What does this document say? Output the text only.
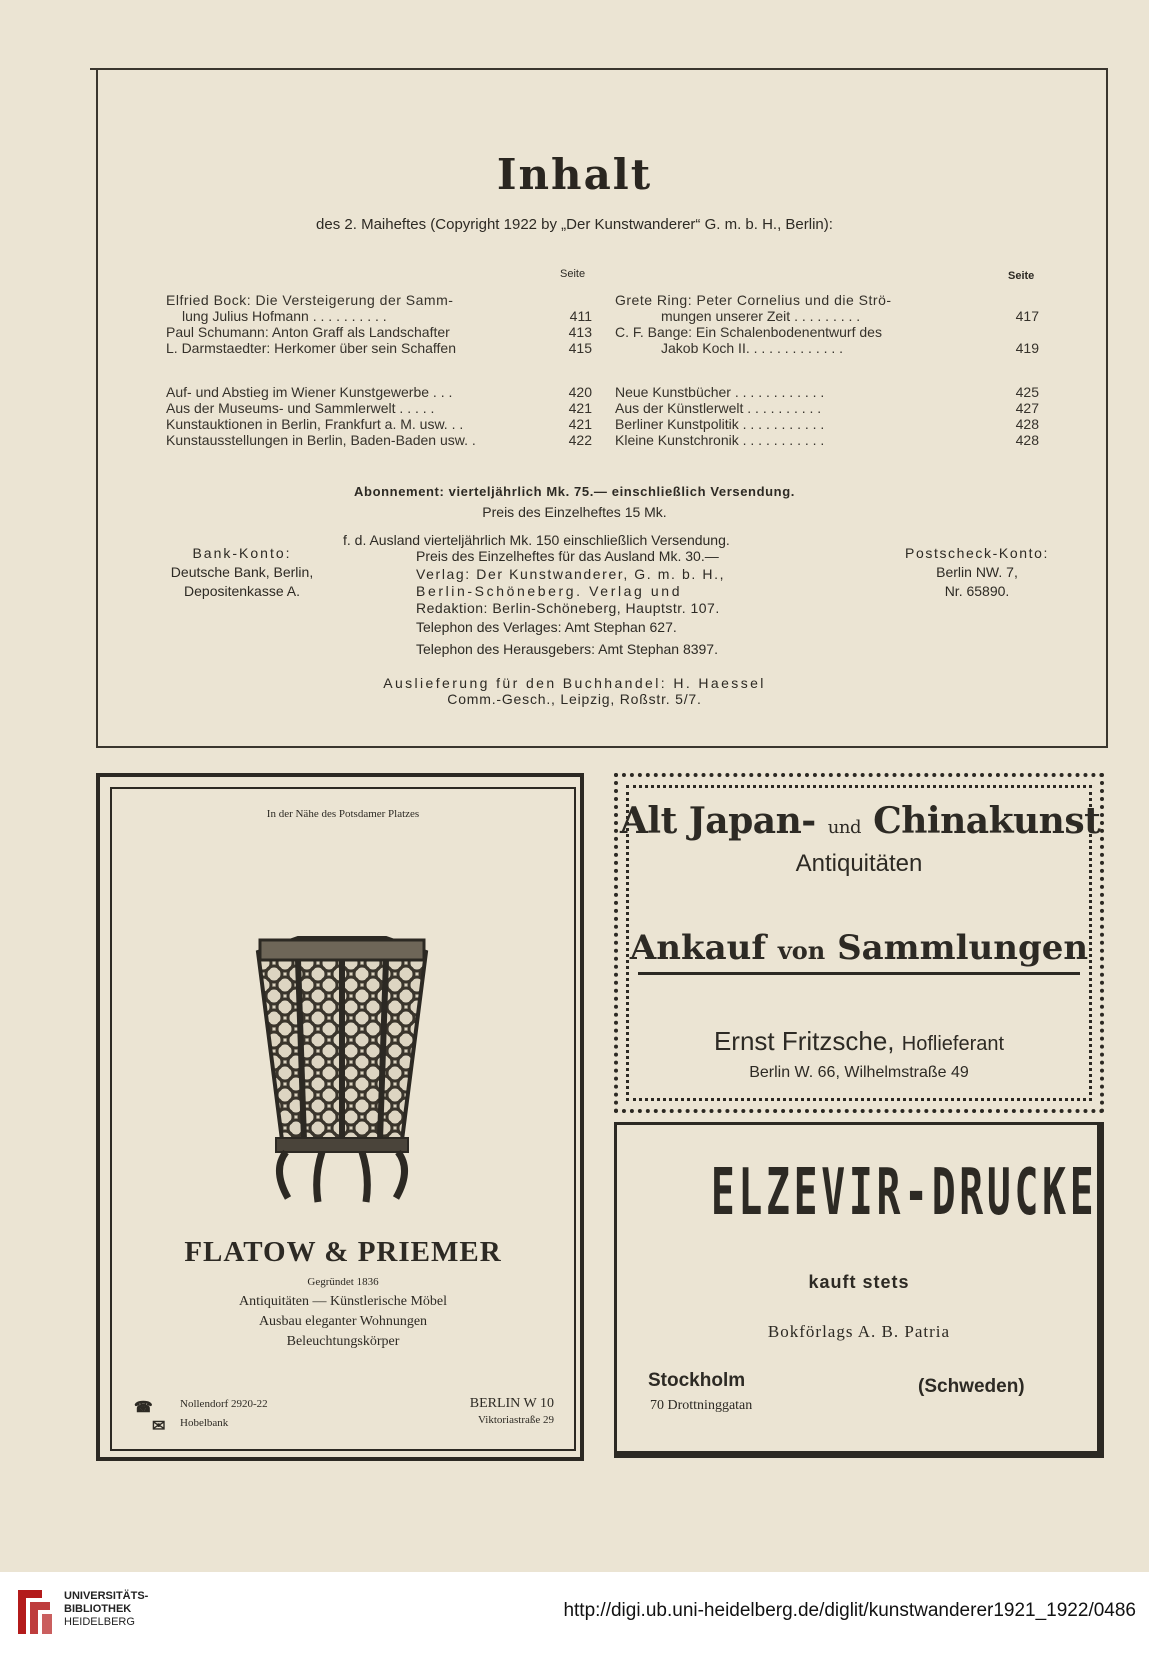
Inhalt
des 2. Maiheftes (Copyright 1922 by „Der Kunstwanderer“ G. m. b. H., Berlin):
Seite	Seite
Elfried Bock: Die Versteigerung der Samm-
lung Julius Hofmann . . . . . . . . . .	411
Paul Schumann: Anton Graff als Landschafter	413
L. Darmstaedter: Herkomer über sein Schaffen	415
Grete Ring: Peter Cornelius und die Strö-
mungen unserer Zeit . . . . . . . . .	417
C. F. Bange: Ein Schalenbodenentwurf des
Jakob Koch II. . . . . . . . . . . . .	419
Auf- und Abstieg im Wiener Kunstgewerbe . . .	420
Aus der Museums- und Sammlerwelt . . . . .	421
Kunstauktionen in Berlin, Frankfurt a. M. usw. . .	421
Kunstausstellungen in Berlin, Baden-Baden usw. .	422
Neue Kunstbücher . . . . . . . . . . . .	425
Aus der Künstlerwelt . . . . . . . . . .	427
Berliner Kunstpolitik . . . . . . . . . . .	428
Kleine Kunstchronik . . . . . . . . . . .	428
Abonnement: vierteljährlich Mk. 75.— einschließlich Versendung.
Preis des Einzelheftes 15 Mk.
f. d. Ausland vierteljährlich Mk. 150 einschließlich Versendung.
Preis des Einzelheftes für das Ausland Mk. 30.—
Verlag: Der Kunstwanderer, G. m. b. H.,
Berlin-Schöneberg. Verlag und
Redaktion: Berlin-Schöneberg, Hauptstr. 107.
Telephon des Verlages: Amt Stephan 627.
Telephon des Herausgebers: Amt Stephan 8397.
Bank-Konto:
Deutsche Bank, Berlin,
Depositenkasse A.
Postscheck-Konto:
Berlin NW. 7,
Nr. 65890.
Auslieferung für den Buchhandel: H. Haessel
Comm.-Gesch., Leipzig, Roßstr. 5/7.
In der Nähe des Potsdamer Platzes
FLATOW & PRIEMER
Gegründet 1836
Antiquitäten — Künstlerische Möbel
Ausbau eleganter Wohnungen
Beleuchtungskörper
☎
✉
Nollendorf 2920-22
Hobelbank
BERLIN W 10
Viktoriastraße 29
Alt Japan- und Chinakunst
Antiquitäten
Ankauf von Sammlungen
Ernst Fritzsche, Hoflieferant
Berlin W. 66, Wilhelmstraße 49
ELZEVIR-DRUCKE
kauft stets
Bokförlags A. B. Patria
Stockholm	(Schweden)
70 Drottninggatan
UNIVERSITÄTS-
BIBLIOTHEK
HEIDELBERG
http://digi.ub.uni-heidelberg.de/diglit/kunstwanderer1921_1922/0486
